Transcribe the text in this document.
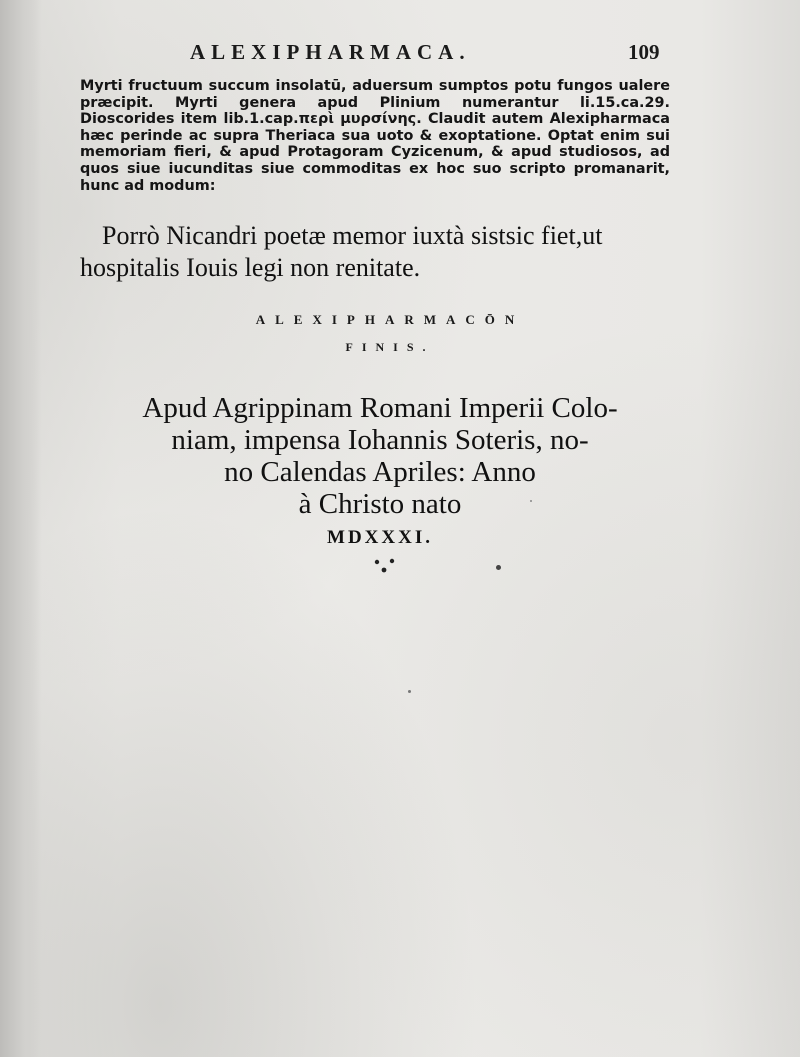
ALEXIPHARMACA.	109
Myrti fructuum succum insolatū, aduersum sumptos potu fungos ualere præcipit. Myrti genera apud Plinium numerantur li.15.ca.29. Dioscorides item lib.1.cap.περὶ μυρσίνης. Claudit autem Alexipharmaca hæc perinde ac supra Theriaca sua uoto & exoptatione. Optat enim sui memoriam fieri, & apud Protagoram Cyzicenum, & apud studiosos, ad quos siue iucunditas siue commoditas ex hoc suo scripto promanarit, hunc ad modum:
Porrò Nicandri poetæ memor iuxtà sistsic fiet,ut
hospitalis Iouis legi non renitate.
ALEXIPHARMACŌN
FINIS.
Apud Agrippinam Romani Imperii Colo-
niam, impensa Iohannis Soteris, no-
no Calendas Apriles: Anno
à Christo nato
MDXXXI.
